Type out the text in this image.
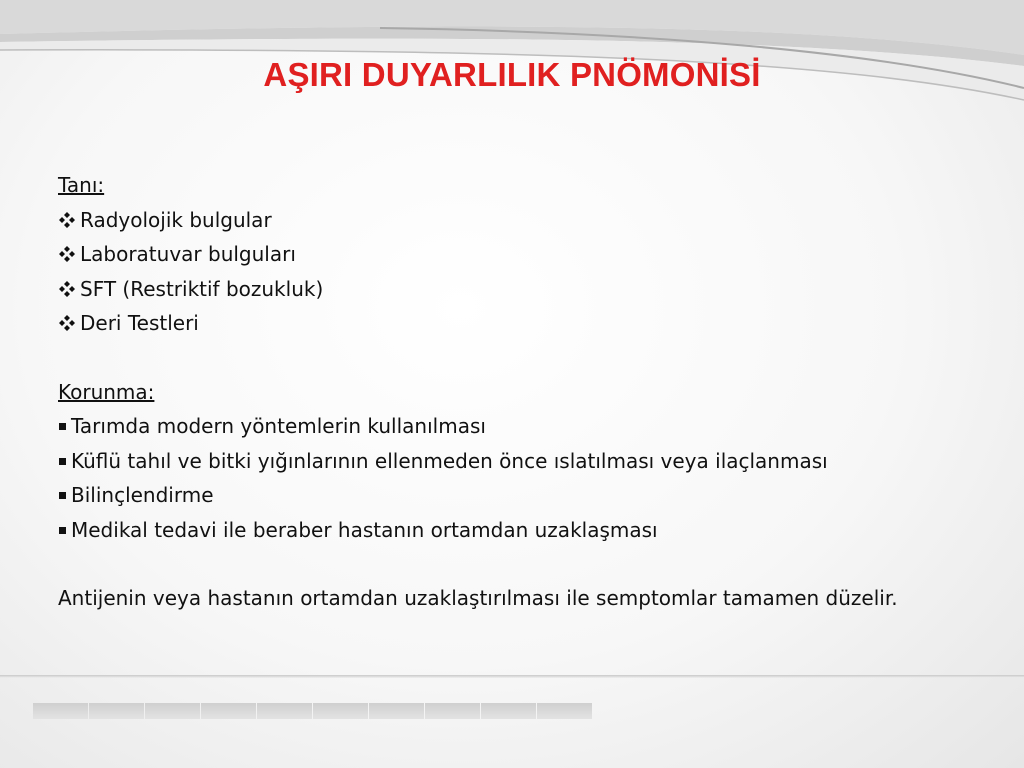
AŞIRI DUYARLILIK PNÖMONİSİ
Tanı:
Radyolojik bulgular
Laboratuvar bulguları
SFT (Restriktif bozukluk)
Deri Testleri
Korunma:
Tarımda modern yöntemlerin kullanılması
Küflü tahıl ve bitki yığınlarının ellenmeden önce ıslatılması veya ilaçlanması
Bilinçlendirme
Medikal tedavi ile beraber hastanın ortamdan uzaklaşması

Antijenin veya hastanın ortamdan uzaklaştırılması ile semptomlar tamamen düzelir.
